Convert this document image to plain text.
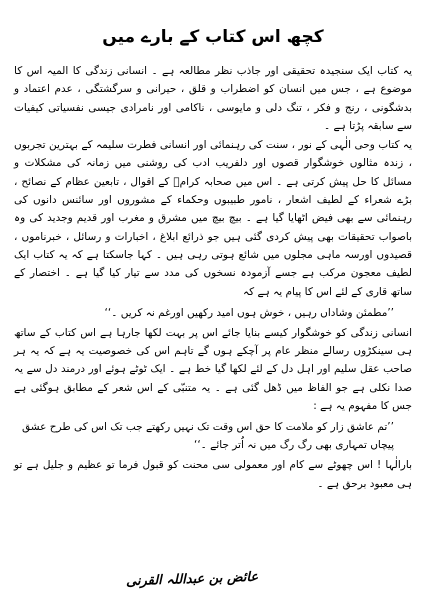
کچھ اس کتاب کے بارے میں
یہ کتاب ایک سنجیدہ تحقیقی اور جاذب نظر مطالعہ ہے ۔ انسانی زندگی کا المیہ اس کا موضوع ہے ، جس میں انسان کو اضطراب و قلق ، حیرانی و سرگشتگی ، عدم اعتماد و بدشگونی ، رنج و فکر ، تنگ دلی و مایوسی ، ناکامی اور نامرادی جیسی نفسیاتی کیفیات سے سابقہ پڑتا ہے ۔
یہ کتاب وحی الٰہی کے نور ، سنت کی رہنمائی اور انسانی فطرت سلیمہ کے بہترین تجربوں ، زندہ مثالوں خوشگوار قصوں اور دلفریب ادب کی روشنی میں زمانہ کی مشکلات و مسائل کا حل پیش کرتی ہے ۔ اس میں صحابہ کرامؓ کے اقوال ، تابعین عظام کے نصائح ، بڑے شعراء کے لطیف اشعار ، نامور طبیبوں وحکماء کے مشوروں اور سائنس دانوں کی رہنمائی سے بھی فیض اٹھایا گیا ہے ۔ بیچ بیچ میں مشرق و مغرب اور قدیم وجدید کی وہ باصواب تحقیقات بھی پیش کردی گئی ہیں جو ذرائع ابلاغ ، اخبارات و رسائل ، خبرناموں ، قصیدوں اورسہ ماہی مجلوں میں شائع ہوتی رہی ہیں ۔ کہا جاسکتا ہے کہ یہ کتاب ایک لطیف معجون مرکب ہے جسے آزمودہ نسخوں کی مدد سے تیار کیا گیا ہے ۔ اختصار کے ساتھ قاری کے لئے اس کا پیام یہ ہے کہ
’’مطمئن وشاداں رہیں ، خوش ہوں امید رکھیں اورغم نہ کریں ۔‘‘
انسانی زندگی کو خوشگوار کیسے بنایا جائے اس پر بہت لکھا جارہا ہے اس کتاب کے ساتھ ہی سینکڑوں رسالے منظر عام پر آچکے ہوں گے تاہم اس کی خصوصیت یہ ہے کہ یہ ہر صاحب عقل سلیم اور اہل دل کے لئے لکھا گیا خط ہے ۔ ایک ٹوٹے ہوئے اور درمند دل سے یہ صدا نکلی ہے جو الفاظ میں ڈھل گئی ہے ۔ یہ متنبّی کے اس شعر کے مطابق ہوگئی ہے جس کا مفہوم یہ ہے :
’’تم عاشق زار کو ملامت کا حق اس وقت تک نہیں رکھتے جب تک اس کی طرح عشق پیچاں تمہاری بھی رگ رگ میں نہ اُتر جائے ۔‘‘
بارالٰہا ! اس چھوٹے سے کام اور معمولی سی محنت کو قبول فرما تو عظیم و جلیل ہے تو ہی معبود برحق ہے ۔
عائض بن عبداللہ القرنی
